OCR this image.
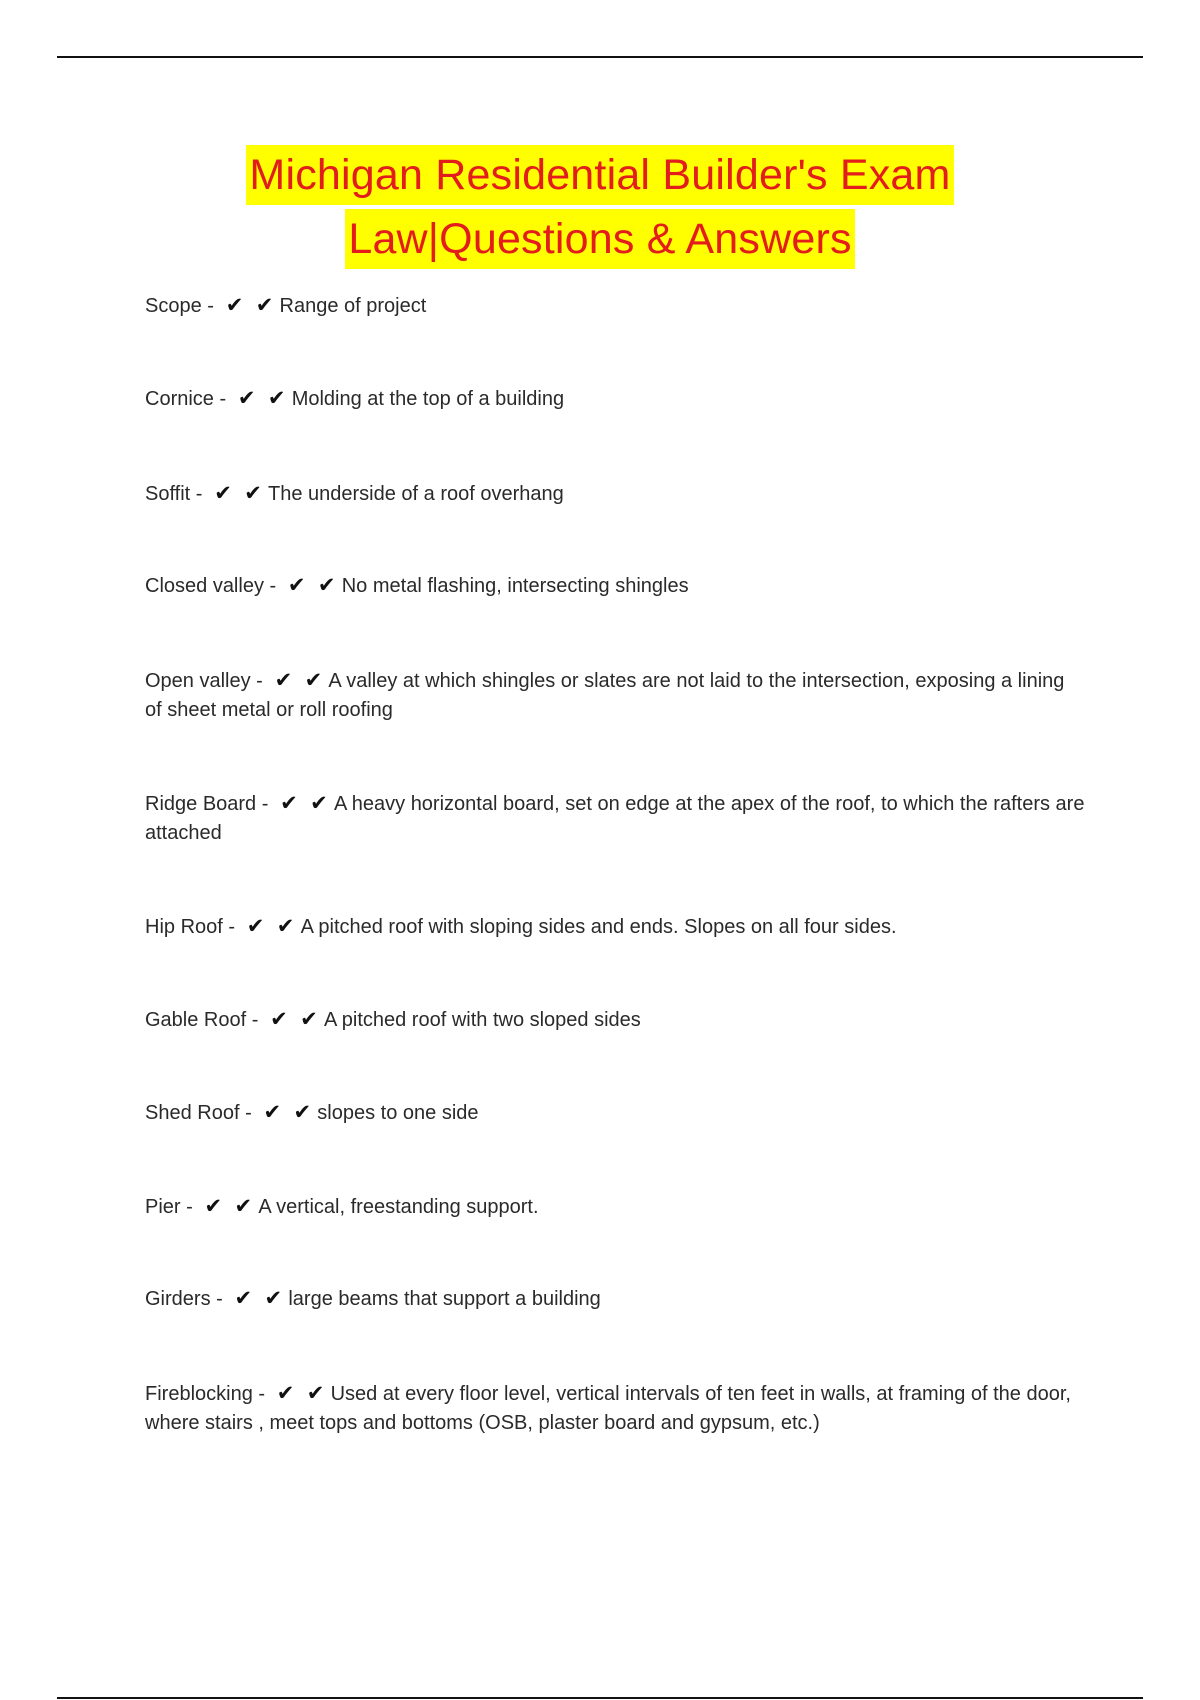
Michigan Residential Builder's Exam
Law|Questions & Answers
Scope - ✔ ✔ Range of project
Cornice - ✔ ✔ Molding at the top of a building
Soffit - ✔ ✔ The underside of a roof overhang
Closed valley - ✔ ✔ No metal flashing, intersecting shingles
Open valley - ✔ ✔ A valley at which shingles or slates are not laid to the intersection, exposing a lining of sheet metal or roll roofing
Ridge Board - ✔ ✔ A heavy horizontal board, set on edge at the apex of the roof, to which the rafters are attached
Hip Roof - ✔ ✔ A pitched roof with sloping sides and ends. Slopes on all four sides.
Gable Roof - ✔ ✔ A pitched roof with two sloped sides
Shed Roof - ✔ ✔ slopes to one side
Pier - ✔ ✔ A vertical, freestanding support.
Girders - ✔ ✔ large beams that support a building
Fireblocking - ✔ ✔ Used at every floor level, vertical intervals of ten feet in walls, at framing of the door, where stairs , meet tops and bottoms (OSB, plaster board and gypsum, etc.)
